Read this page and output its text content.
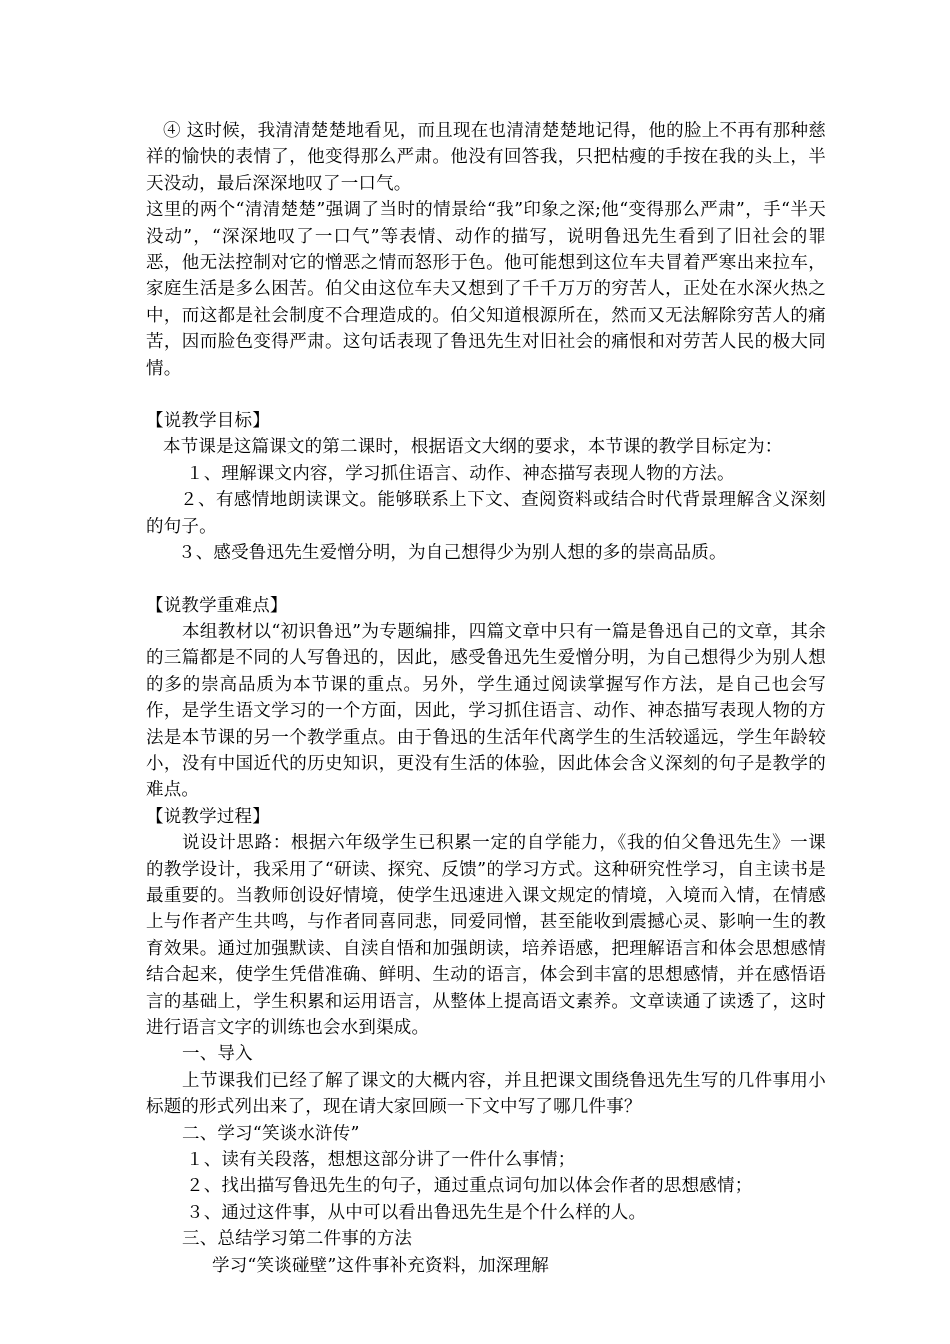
④ 这时候，我清清楚楚地看见，而且现在也清清楚楚地记得，他的脸上不再有那种慈祥的愉快的表情了，他变得那么严肃。他没有回答我，只把枯瘦的手按在我的头上，半天没动，最后深深地叹了一口气。

这里的两个“清清楚楚”强调了当时的情景给“我”印象之深;他“变得那么严肃”，手“半天没动”，“深深地叹了一口气”等表情、动作的描写，说明鲁迅先生看到了旧社会的罪恶，他无法控制对它的憎恶之情而怒形于色。他可能想到这位车夫冒着严寒出来拉车，家庭生活是多么困苦。伯父由这位车夫又想到了千千万万的穷苦人，正处在水深火热之中，而这都是社会制度不合理造成的。伯父知道根源所在，然而又无法解除穷苦人的痛苦，因而脸色变得严肃。这句话表现了鲁迅先生对旧社会的痛恨和对劳苦人民的极大同情。

【说教学目标】

本节课是这篇课文的第二课时，根据语文大纲的要求，本节课的教学目标定为：

１、理解课文内容，学习抓住语言、动作、神态描写表现人物的方法。

２、有感情地朗读课文。能够联系上下文、查阅资料或结合时代背景理解含义深刻的句子。

３、感受鲁迅先生爱憎分明，为自己想得少为别人想的多的崇高品质。

【说教学重难点】

本组教材以“初识鲁迅”为专题编排，四篇文章中只有一篇是鲁迅自己的文章，其余的三篇都是不同的人写鲁迅的，因此，感受鲁迅先生爱憎分明，为自己想得少为别人想的多的崇高品质为本节课的重点。另外，学生通过阅读掌握写作方法，是自己也会写作，是学生语文学习的一个方面，因此，学习抓住语言、动作、神态描写表现人物的方法是本节课的另一个教学重点。由于鲁迅的生活年代离学生的生活较遥远，学生年龄较小，没有中国近代的历史知识，更没有生活的体验，因此体会含义深刻的句子是教学的难点。

【说教学过程】

说设计思路：根据六年级学生已积累一定的自学能力，《我的伯父鲁迅先生》一课的教学设计，我采用了“研读、探究、反馈”的学习方式。这种研究性学习，自主读书是最重要的。当教师创设好情境，使学生迅速进入课文规定的情境，入境而入情，在情感上与作者产生共鸣，与作者同喜同悲，同爱同憎，甚至能收到震撼心灵、影响一生的教育效果。通过加强默读、自渎自悟和加强朗读，培养语感，把理解语言和体会思想感情结合起来，使学生凭借准确、鲜明、生动的语言，体会到丰富的思想感情，并在感悟语言的基础上，学生积累和运用语言，从整体上提高语文素养。文章读通了读透了，这时进行语言文字的训练也会水到渠成。

一、导入

上节课我们已经了解了课文的大概内容，并且把课文围绕鲁迅先生写的几件事用小标题的形式列出来了，现在请大家回顾一下文中写了哪几件事？

二、学习“笑谈水浒传”

１、读有关段落，想想这部分讲了一件什么事情；

２、找出描写鲁迅先生的句子，通过重点词句加以体会作者的思想感情；

３、通过这件事，从中可以看出鲁迅先生是个什么样的人。

三、总结学习第二件事的方法

学习“笑谈碰壁”这件事补充资料，加深理解
